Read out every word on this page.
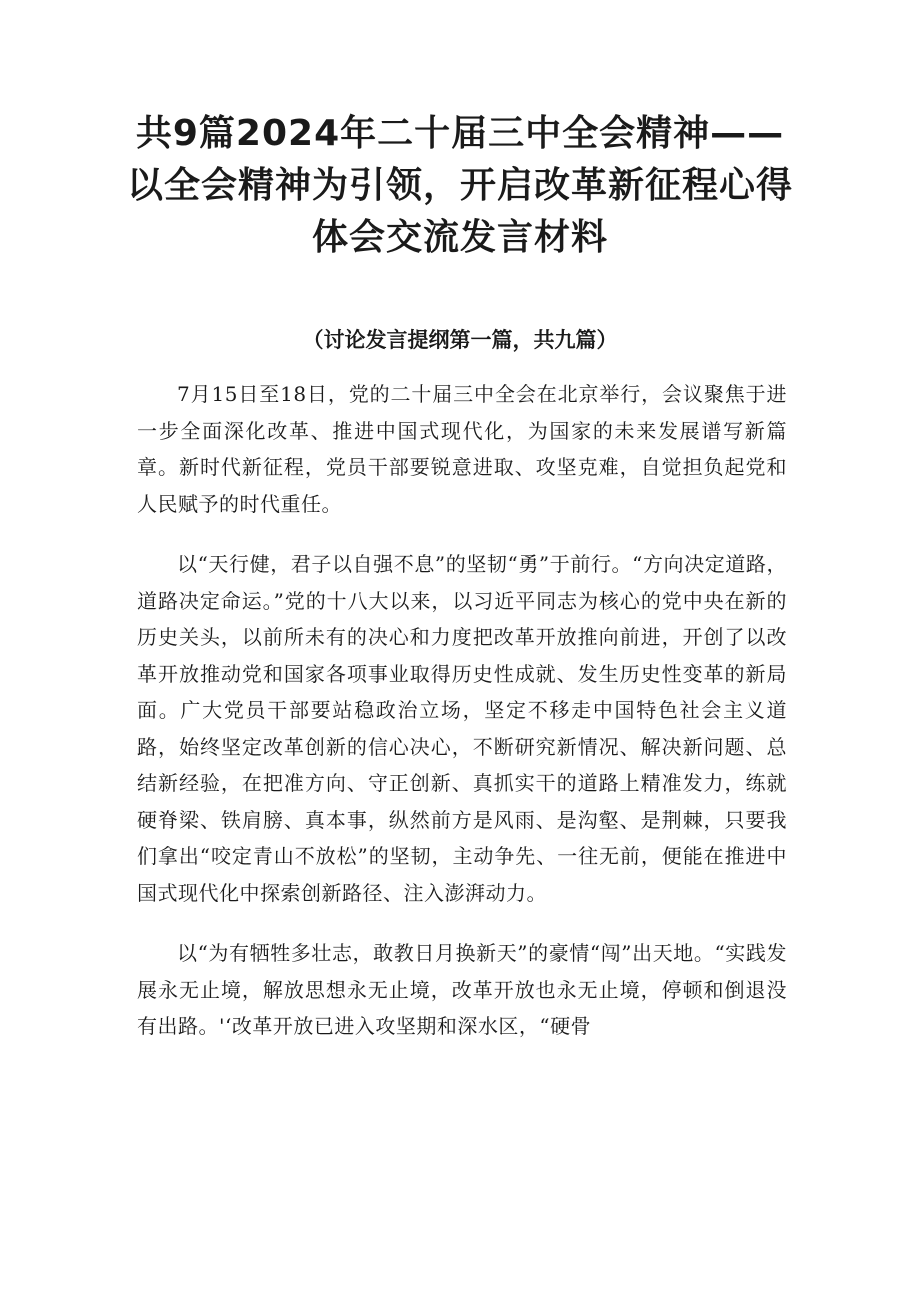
共9篇2024年二十届三中全会精神——以全会精神为引领，开启改革新征程心得体会交流发言材料

（讨论发言提纲第一篇，共九篇）

7月15日至18日，党的二十届三中全会在北京举行，会议聚焦于进一步全面深化改革、推进中国式现代化，为国家的未来发展谱写新篇章。新时代新征程，党员干部要锐意进取、攻坚克难，自觉担负起党和人民赋予的时代重任。

以“天行健，君子以自强不息”的坚韧“勇”于前行。“方向决定道路，道路决定命运。”党的十八大以来，以习近平同志为核心的党中央在新的历史关头，以前所未有的决心和力度把改革开放推向前进，开创了以改革开放推动党和国家各项事业取得历史性成就、发生历史性变革的新局面。广大党员干部要站稳政治立场，坚定不移走中国特色社会主义道路，始终坚定改革创新的信心决心，不断研究新情况、解决新问题、总结新经验，在把准方向、守正创新、真抓实干的道路上精准发力，练就硬脊梁、铁肩膀、真本事，纵然前方是风雨、是沟壑、是荆棘，只要我们拿出“咬定青山不放松”的坚韧，主动争先、一往无前，便能在推进中国式现代化中探索创新路径、注入澎湃动力。

以“为有牺牲多壮志，敢教日月换新天”的豪情“闯”出天地。“实践发展永无止境，解放思想永无止境，改革开放也永无止境，停顿和倒退没有出路。'‘改革开放已进入攻坚期和深水区，“硬骨
